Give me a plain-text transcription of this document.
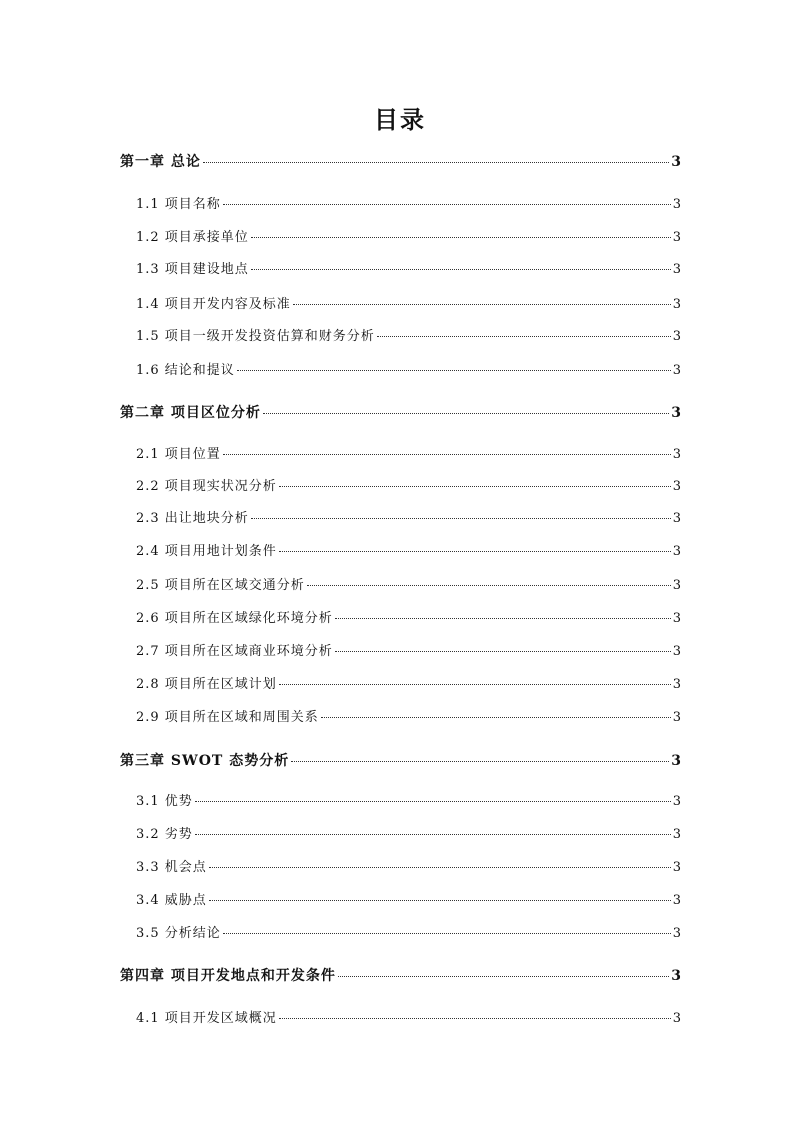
目录
第一章 总论	3
1.1 项目名称	3
1.2 项目承接单位	3
1.3 项目建设地点	3
1.4 项目开发内容及标准	3
1.5 项目一级开发投资估算和财务分析	3
1.6 结论和提议	3
第二章 项目区位分析	3
2.1 项目位置	3
2.2 项目现实状况分析	3
2.3 出让地块分析	3
2.4 项目用地计划条件	3
2.5 项目所在区域交通分析	3
2.6 项目所在区域绿化环境分析	3
2.7 项目所在区域商业环境分析	3
2.8 项目所在区域计划	3
2.9 项目所在区域和周围关系	3
第三章 SWOT 态势分析	3
3.1 优势	3
3.2 劣势	3
3.3 机会点	3
3.4 威胁点	3
3.5 分析结论	3
第四章 项目开发地点和开发条件	3
4.1 项目开发区域概况	3
